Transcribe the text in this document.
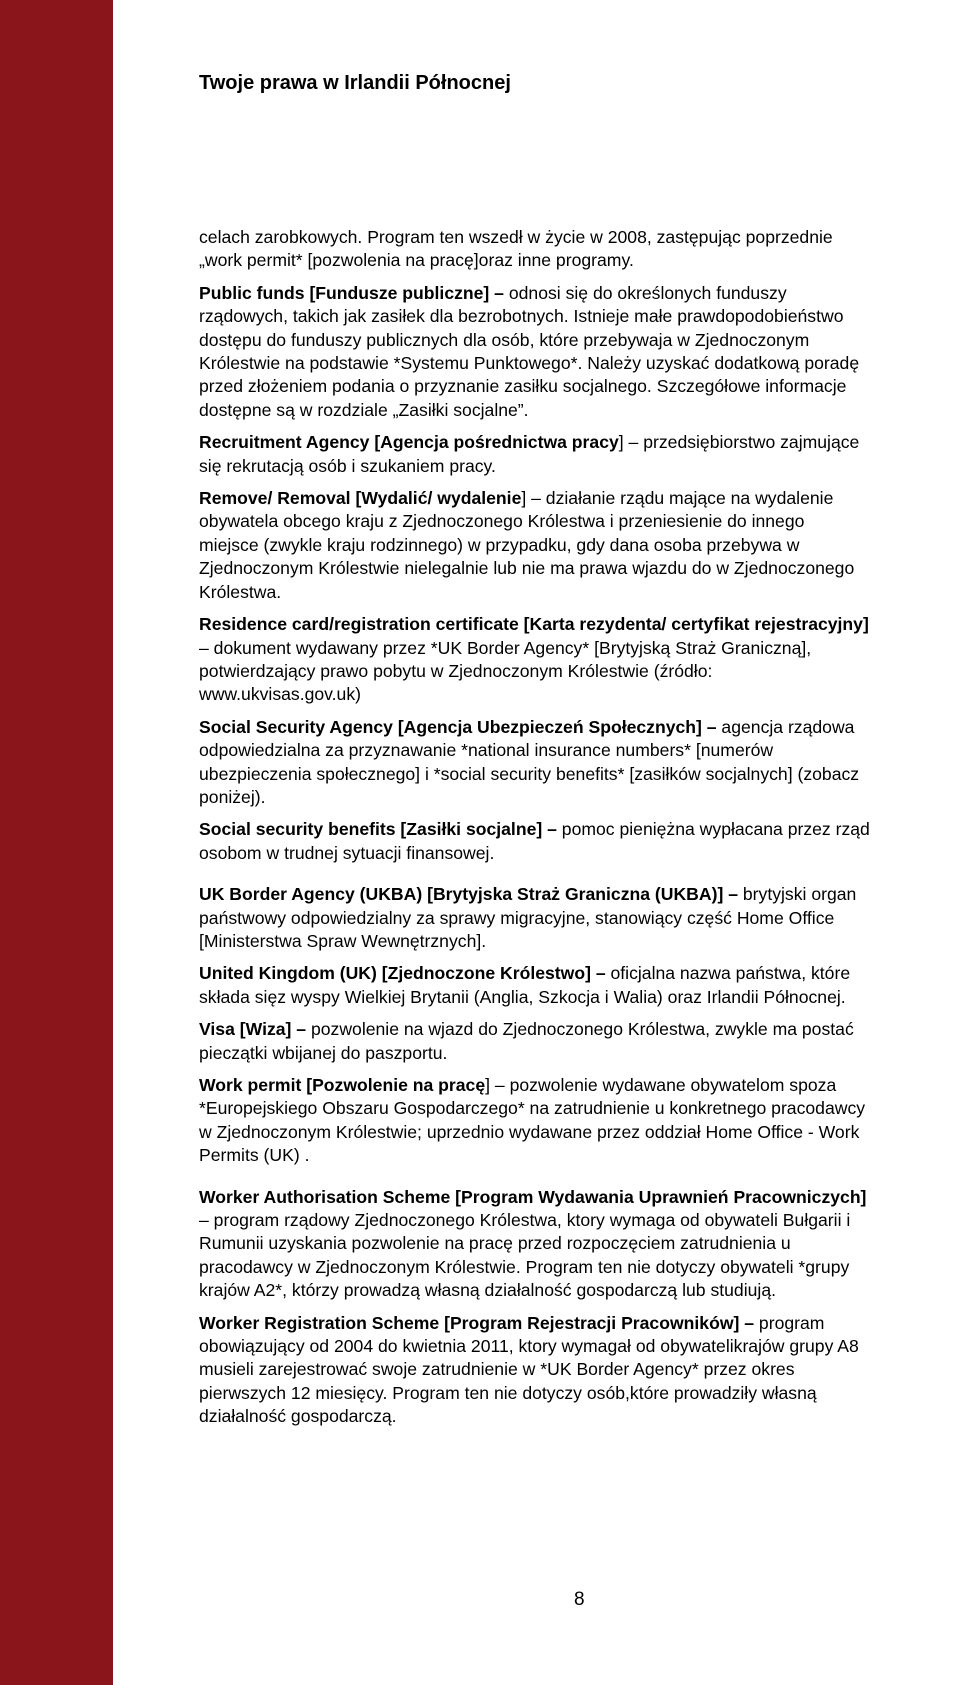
Twoje prawa w Irlandii Północnej

celach zarobkowych. Program ten wszedł w życie w 2008, zastępując poprzednie
„work permit* [pozwolenia na pracę]oraz inne programy.

Public funds [Fundusze publiczne] – odnosi się do określonych funduszy
rządowych, takich jak zasiłek dla bezrobotnych. Istnieje małe prawdopodobieństwo
dostępu do funduszy publicznych dla osób, które przebywaja w Zjednoczonym
Królestwie na podstawie *Systemu Punktowego*. Należy uzyskać dodatkową poradę
przed złożeniem podania o przyznanie zasiłku socjalnego. Szczegółowe informacje
dostępne są w rozdziale „Zasiłki socjalne”.

Recruitment Agency [Agencja pośrednictwa pracy] – przedsiębiorstwo zajmujące
się rekrutacją osób i szukaniem pracy.

Remove/ Removal [Wydalić/ wydalenie] – działanie rządu mające na wydalenie
obywatela obcego kraju z Zjednoczonego Królestwa i przeniesienie do innego
miejsce (zwykle kraju rodzinnego) w przypadku, gdy dana osoba przebywa w
Zjednoczonym Królestwie nielegalnie lub nie ma prawa wjazdu do w Zjednoczonego
Królestwa.

Residence card/registration certificate [Karta rezydenta/ certyfikat rejestracyjny]
– dokument wydawany przez *UK Border Agency* [Brytyjską Straż Graniczną],
potwierdzający prawo pobytu w Zjednoczonym Królestwie (źródło:
www.ukvisas.gov.uk)

Social Security Agency [Agencja Ubezpieczeń Społecznych] – agencja rządowa
odpowiedzialna za przyznawanie *national insurance numbers* [numerów
ubezpieczenia społecznego] i *social security benefits* [zasiłków socjalnych] (zobacz
poniżej).

Social security benefits [Zasiłki socjalne] – pomoc pieniężna wypłacana przez rząd
osobom w trudnej sytuacji finansowej.

UK Border Agency (UKBA) [Brytyjska Straż Graniczna (UKBA)] – brytyjski organ
państwowy odpowiedzialny za sprawy migracyjne, stanowiący część Home Office
[Ministerstwa Spraw Wewnętrznych].

United Kingdom (UK) [Zjednoczone Królestwo] – oficjalna nazwa państwa, które
składa sięz wyspy Wielkiej Brytanii (Anglia, Szkocja i Walia) oraz Irlandii Północnej.

Visa [Wiza] – pozwolenie na wjazd do Zjednoczonego Królestwa, zwykle ma postać
pieczątki wbijanej do paszportu.

Work permit [Pozwolenie na pracę] – pozwolenie wydawane obywatelom spoza
*Europejskiego Obszaru Gospodarczego* na zatrudnienie u konkretnego pracodawcy
w Zjednoczonym Królestwie; uprzednio wydawane przez oddział Home Office - Work
Permits (UK) .

Worker Authorisation Scheme [Program Wydawania Uprawnień Pracowniczych]
– program rządowy Zjednoczonego Królestwa, ktory wymaga od obywateli Bułgarii i
Rumunii uzyskania pozwolenie na pracę przed rozpoczęciem zatrudnienia u
pracodawcy w Zjednoczonym Królestwie. Program ten nie dotyczy obywateli *grupy
krajów A2*, którzy prowadzą własną działalność gospodarczą lub studiują.

Worker Registration Scheme [Program Rejestracji Pracowników] – program
obowiązujący od 2004 do kwietnia 2011, ktory wymagał od obywatelikrajów grupy A8
musieli zarejestrować swoje zatrudnienie w *UK Border Agency* przez okres
pierwszych 12 miesięcy. Program ten nie dotyczy osób,które prowadziły własną
działalność gospodarczą.

8
